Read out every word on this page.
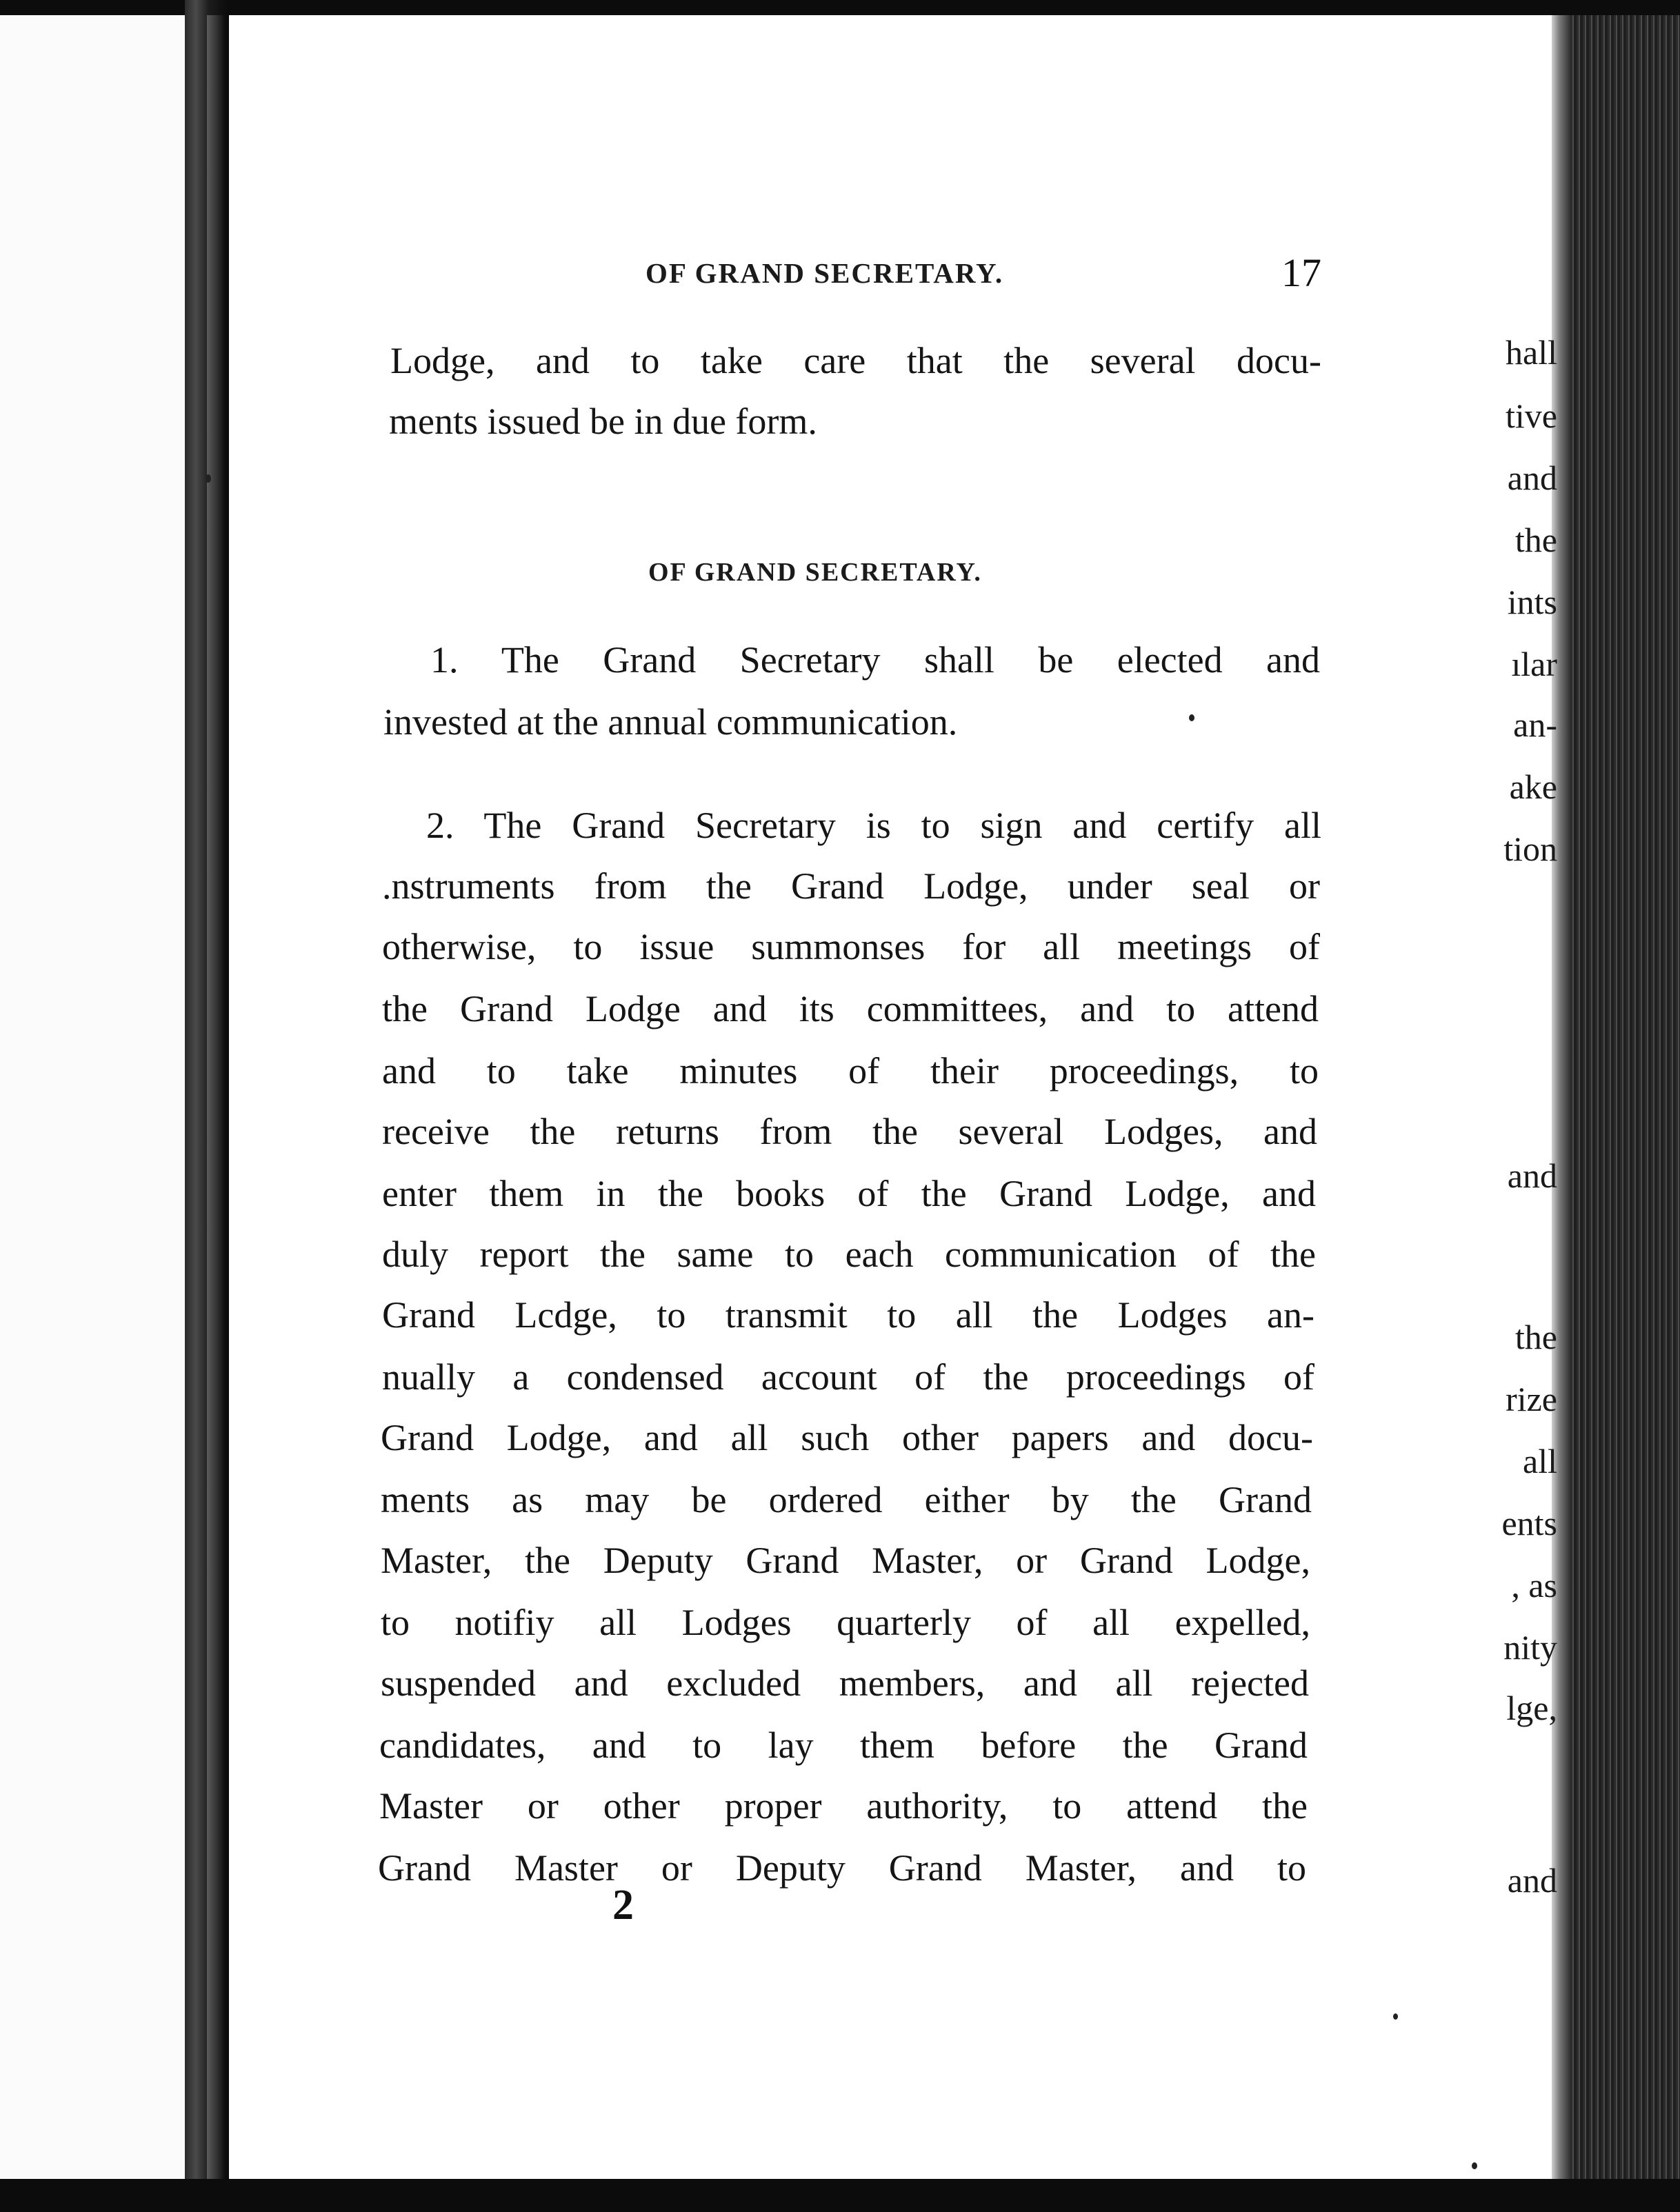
hall
tive
and
the
ints
ılar
an-
ake
tion
and
the
rize
all
ents
, as
nity
lge,
and
OF GRAND SECRETARY.	17
Lodge, and to take care that the several docu-
ments issued be in due form.
OF GRAND SECRETARY.
1. The Grand Secretary shall be elected and
invested at the annual communication.
2. The Grand Secretary is to sign and certify all
.nstruments from the Grand Lodge, under seal or
otherwise, to issue summonses for all meetings of
the Grand Lodge and its committees, and to attend
and to take minutes of their proceedings, to
receive the returns from the several Lodges, and
enter them in the books of the Grand Lodge, and
duly report the same to each communication of the
Grand Lcdge, to transmit to all the Lodges an-
nually a condensed account of the proceedings of
Grand Lodge, and all such other papers and docu-
ments as may be ordered either by the Grand
Master, the Deputy Grand Master, or Grand Lodge,
to notifiy all Lodges quarterly of all expelled,
suspended and excluded members, and all rejected
candidates, and to lay them before the Grand
Master or other proper authority, to attend the
Grand Master or Deputy Grand Master, and to
2
